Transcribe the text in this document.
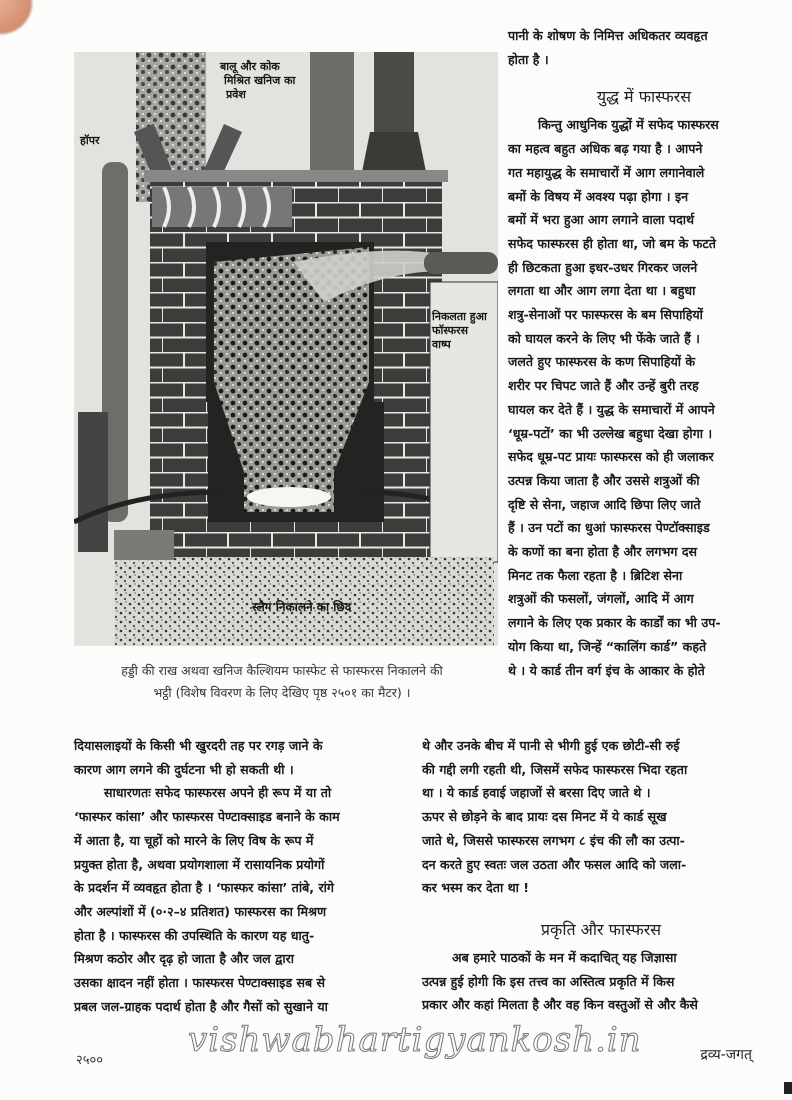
बालू और कोक
मिश्रित खनिज का
प्रवेश
हॉपर
निकलता हुआ
फॉस्फरस
वाष्प
स्लैग निकालने का छिद
हड्डी की राख अथवा खनिज कैल्शियम फास्फेट से फास्फरस निकालने की
भट्ठी (विशेष विवरण के लिए देखिए पृष्ठ २५०१ का मैटर) ।
पानी के शोषण के निमित्त अधिकतर व्यवहृत
होता है ।
युद्ध में फास्फरस
किन्तु आधुनिक युद्धों में सफेद फास्फरस
का महत्व बहुत अधिक बढ़ गया है । आपने
गत महायुद्ध के समाचारों में आग लगानेवाले
बमों के विषय में अवश्य पढ़ा होगा । इन
बमों में भरा हुआ आग लगाने वाला पदार्थ
सफेद फास्फरस ही होता था, जो बम के फटते
ही छिटकता हुआ इधर-उधर गिरकर जलने
लगता था और आग लगा देता था । बहुधा
शत्रु-सेनाओं पर फास्फरस के बम सिपाहियों
को घायल करने के लिए भी फेंके जाते हैं ।
जलते हुए फास्फरस के कण सिपाहियों के
शरीर पर चिपट जाते हैं और उन्हें बुरी तरह
घायल कर देते हैं । युद्ध के समाचारों में आपने
‘धूम्र-पटों’ का भी उल्लेख बहुधा देखा होगा ।
सफेद धूम्र-पट प्रायः फास्फरस को ही जलाकर
उत्पन्न किया जाता है और उससे शत्रुओं की
दृष्टि से सेना, जहाज आदि छिपा लिए जाते
हैं । उन पटों का धुआं फास्फरस पेण्टॉक्साइड
के कणों का बना होता है और लगभग दस
मिनट तक फैला रहता है । ब्रिटिश सेना
शत्रुओं की फसलों, जंगलों, आदि में आग
लगाने के लिए एक प्रकार के कार्डों का भी उप-
योग किया था, जिन्हें “कालिंग कार्ड” कहते
थे । ये कार्ड तीन वर्ग इंच के आकार के होते
दियासलाइयों के किसी भी खुरदरी तह पर रगड़ जाने के
कारण आग लगने की दुर्घटना भी हो सकती थी ।
साधारणतः सफेद फास्फरस अपने ही रूप में या तो
‘फास्फर कांसा’ और फास्फरस पेण्टाक्साइड बनाने के काम
में आता है, या चूहों को मारने के लिए विष के रूप में
प्रयुक्त होता है, अथवा प्रयोगशाला में रासायनिक प्रयोगों
के प्रदर्शन में व्यवहृत होता है । ‘फास्फर कांसा’ तांबे, रांगे
और अल्पांशों में (०·२–४ प्रतिशत) फास्फरस का मिश्रण
होता है । फास्फरस की उपस्थिति के कारण यह धातु-
मिश्रण कठोर और दृढ़ हो जाता है और जल द्वारा
उसका क्षादन नहीं होता । फास्फरस पेण्टाक्साइड सब से
प्रबल जल-ग्राहक पदार्थ होता है और गैसों को सुखाने या
थे और उनके बीच में पानी से भीगी हुई एक छोटी-सी रुई
की गद्दी लगी रहती थी, जिसमें सफेद फास्फरस भिदा रहता
था । ये कार्ड हवाई जहाजों से बरसा दिए जाते थे ।
ऊपर से छोड़ने के बाद प्रायः दस मिनट में ये कार्ड सूख
जाते थे, जिससे फास्फरस लगभग ८ इंच की लौ का उत्पा-
दन करते हुए स्वतः जल उठता और फसल आदि को जला-
कर भस्म कर देता था !
प्रकृति और फास्फरस
अब हमारे पाठकों के मन में कदाचित् यह जिज्ञासा
उत्पन्न हुई होगी कि इस तत्त्व का अस्तित्व प्रकृति में किस
प्रकार और कहां मिलता है और वह किन वस्तुओं से और कैसे
vishwabhartigyankosh.in
२५००	द्रव्य-जगत्
